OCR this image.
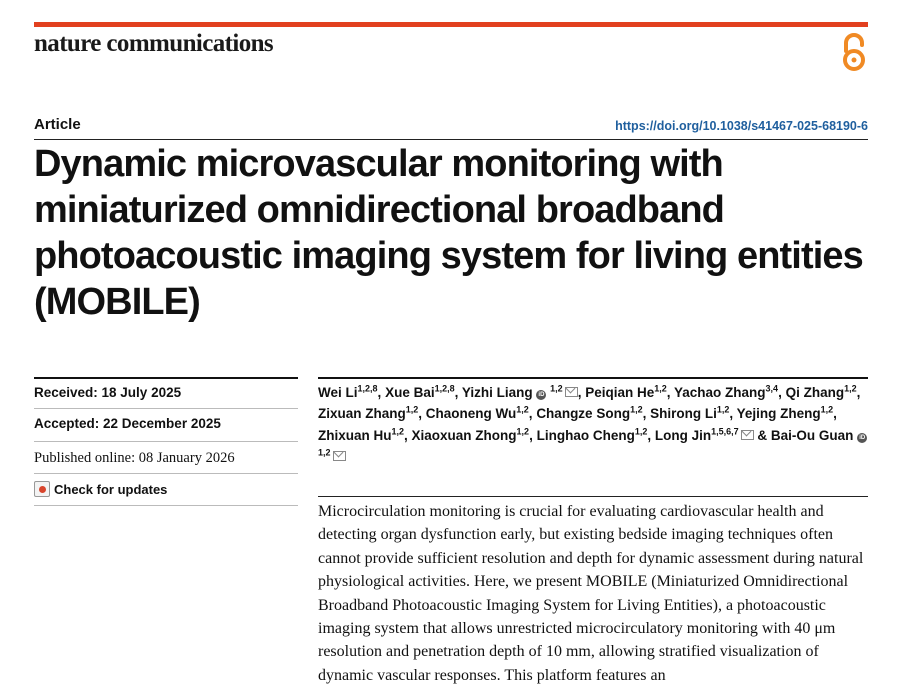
nature communications
Article	https://doi.org/10.1038/s41467-025-68190-6
Dynamic microvascular monitoring with miniaturized omnidirectional broadband photoacoustic imaging system for living entities (MOBILE)
Received: 18 July 2025
Accepted: 22 December 2025
Published online: 08 January 2026
Check for updates

Wei Li$^{1,2,8}$, Xue Bai$^{1,2,8}$, Yizhi Liang iD $^{1,2}$ , Peiqian He$^{1,2}$, Yachao Zhang$^{3,4}$, Qi Zhang$^{1,2}$, Zixuan Zhang$^{1,2}$, Chaoneng Wu$^{1,2}$, Changze Song$^{1,2}$, Shirong Li$^{1,2}$, Yejing Zheng$^{1,2}$, Zhixuan Hu$^{1,2}$, Xiaoxuan Zhong$^{1,2}$, Linghao Cheng$^{1,2}$, Long Jin$^{1,5,6,7}$ & Bai-Ou Guan iD $^{1,2}$

Microcirculation monitoring is crucial for evaluating cardiovascular health and detecting organ dysfunction early, but existing bedside imaging techniques often cannot provide sufficient resolution and depth for dynamic assessment during natural physiological activities. Here, we present MOBILE (Miniaturized Omnidirectional Broadband Photoacoustic Imaging System for Living Entities), a photoacoustic imaging system that allows unrestricted microcirculatory monitoring with 40 μm resolution and penetration depth of 10 mm, allowing stratified visualization of dynamic vascular responses. This platform features an
